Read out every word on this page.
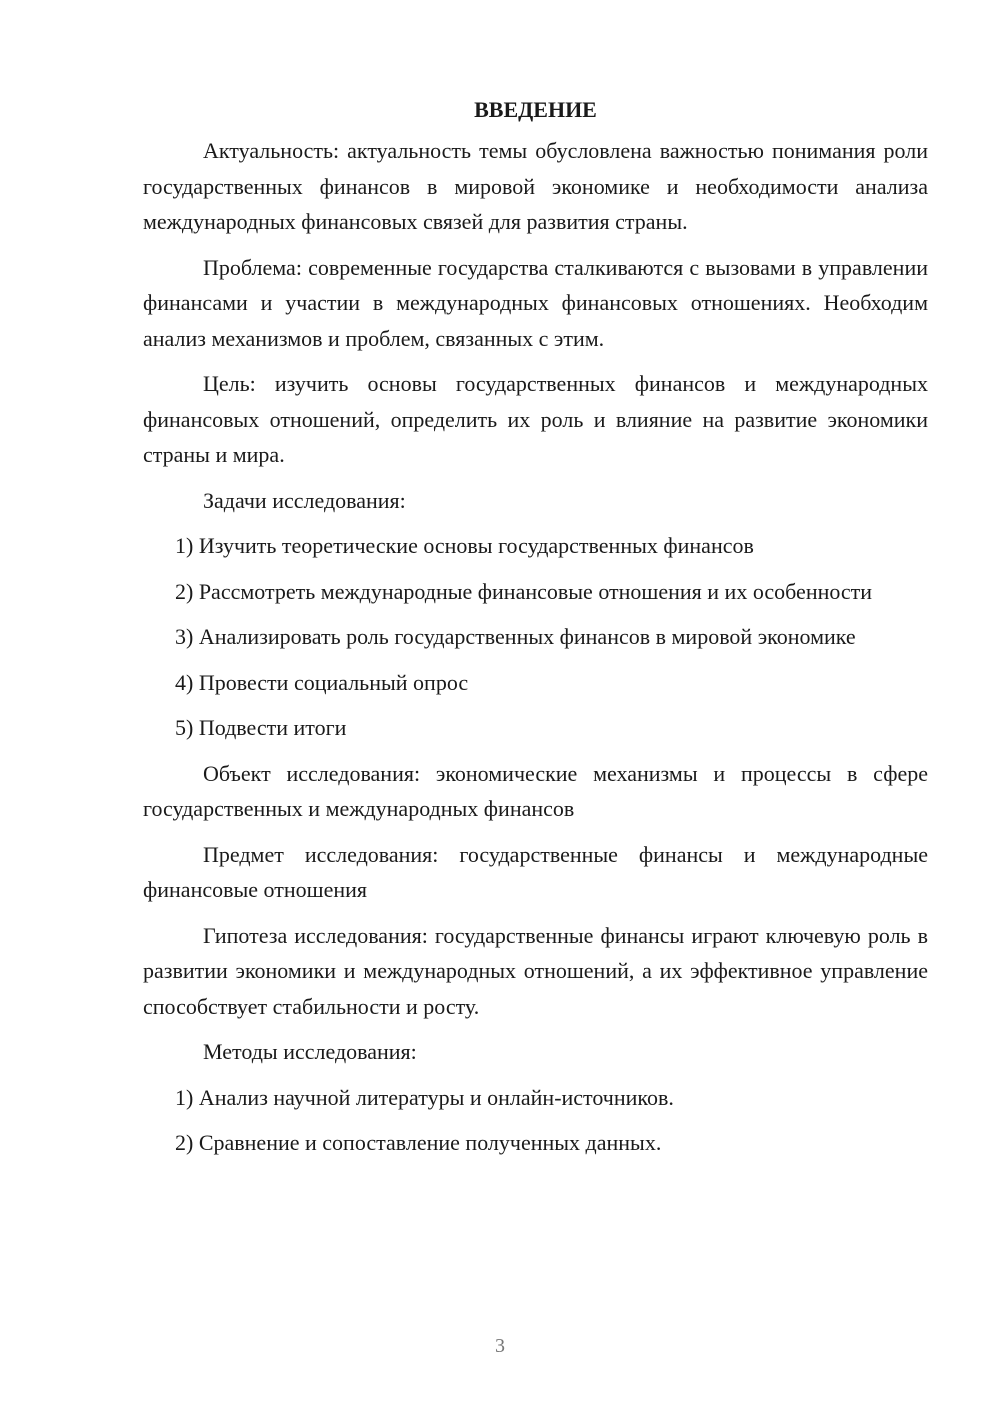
ВВЕДЕНИЕ

Актуальность: актуальность темы обусловлена важностью понимания роли государственных финансов в мировой экономике и необходимости анализа международных финансовых связей для развития страны.

Проблема: современные государства сталкиваются с вызовами в управлении финансами и участии в международных финансовых отношениях. Необходим анализ механизмов и проблем, связанных с этим.

Цель: изучить основы государственных финансов и международных финансовых отношений, определить их роль и влияние на развитие экономики страны и мира.

Задачи исследования:

1) Изучить теоретические основы государственных финансов

2) Рассмотреть международные финансовые отношения и их особенности

3) Анализировать роль государственных финансов в мировой экономике

4) Провести социальный опрос

5) Подвести итоги

Объект исследования: экономические механизмы и процессы в сфере государственных и международных финансов

Предмет исследования: государственные финансы и международные финансовые отношения

Гипотеза исследования: государственные финансы играют ключевую роль в развитии экономики и международных отношений, а их эффективное управление способствует стабильности и росту.

Методы исследования:

1) Анализ научной литературы и онлайн-источников.

2) Сравнение и сопоставление полученных данных.

3
